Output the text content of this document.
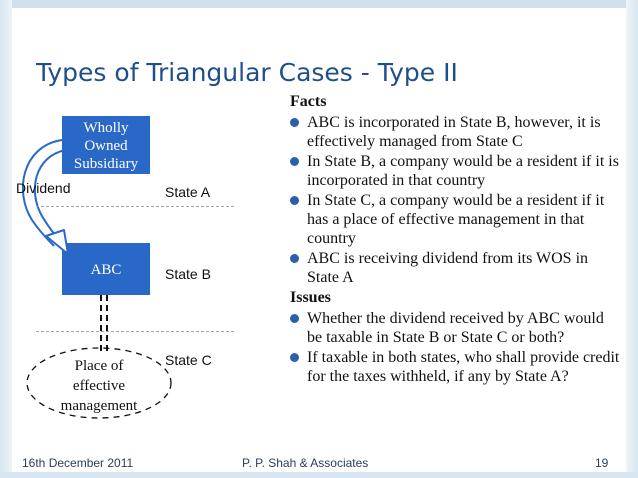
Types of Triangular Cases - Type II
Wholly
Owned
Subsidiary
ABC
Dividend	State A
State B
State C
Place of
effective
management
Facts
ABC is incorporated in State B, however, it is effectively managed from State C
In State B, a company would be a resident if it is incorporated in that country
In State C, a company would be a resident if it has a place of effective management in that country
ABC is receiving dividend from its WOS in State A
Issues
Whether the dividend received by ABC would be taxable in State B or State C or both?
If taxable in both states, who shall provide credit for the taxes withheld, if any by State A?
16th December 2011	P. P. Shah & Associates	19
